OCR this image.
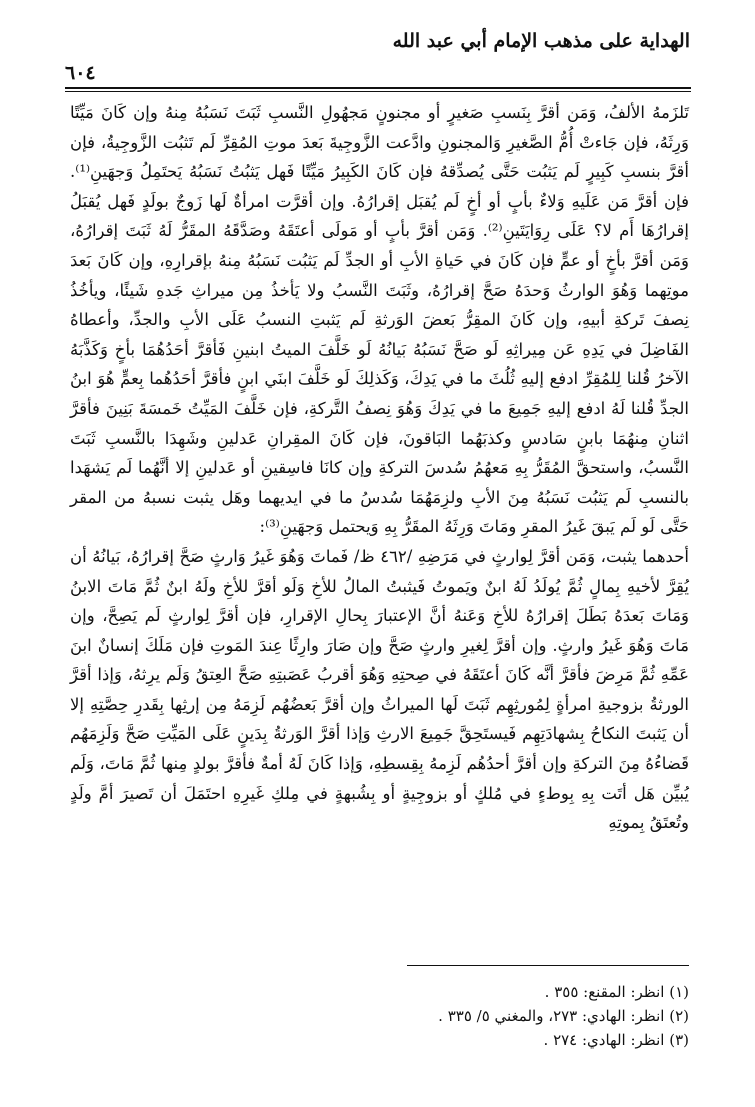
الهداية على مذهب الإمام أبي عبد الله
٦٠٤

تَلزَمهُ الألفُ، وَمَن أقرَّ بِنَسبِ صَغيرٍ أو مجنونٍ مَجهُولِ النَّسبِ ثَبَتَ نَسَبُهُ مِنهُ وإن كَانَ مَيِّتًا وَرِثَهُ، فإن جَاءتْ أُمُّ الصَّغيرِ وَالمجنونِ وادَّعت الزَّوجِيةَ بَعدَ موتِ المُقِرِّ لَم تَثبُت الزَّوجِيةُ، فإن أقرَّ بنسبِ كَبِيرٍ لَم يَثبُت حَتَّى يُصدِّقهُ فإن كَانَ الكَبِيرُ مَيِّتًا فَهل يَثبُتُ نَسَبُهُ يَحتَمِلُ وَجهَينِ⁽¹⁾. فإن أقرَّ مَن عَلَيهِ وَلاءٌ بأبٍ أو أخٍ لَم يُقبَل إقرارُهُ. وإن أقرَّت امرأةٌ لَها زَوجٌ بولَدٍ فَهل يُقبَلُ إقرارُهَا أَم لا؟ عَلَى رِوَايَتَينِ⁽²⁾. وَمَن أقرَّ بأبٍ أو مَولَى أعتَقَهُ وصَدَّقَهُ المقَرُّ لَهُ ثَبَتَ إقرارُهُ، وَمَن أقرَّ بأخٍ أو عمٍّ فإن كَانَ في حَياةِ الأبِ أو الجدِّ لَم يَثبُت نَسَبُهُ مِنهُ بإقرارِهِ، وإن كَانَ بَعدَ موتِهما وَهُوَ الوارثُ وَحدَهُ صَحَّ إقرارُهُ، وثَبَتَ النَّسبُ ولا يَأخذُ مِن ميراثِ جَدهِ شَيئًا، ويأخُذُ نِصفَ تَركةِ أبيهِ، وإن كَانَ المقِرُّ بَعضَ الوَرثةِ لَم يَثبتِ النسبُ عَلَى الأبِ والجدِّ، وأعطاهُ الفَاضِلَ في يَدِهِ عَن مِيراثِهِ لَو صَحَّ نَسَبُهُ بَيانُهُ لَو خَلَّفَ الميتُ ابنينِ فَأقرَّ أحَدُهُمَا بأخٍ وَكَذَّبَهُ الآخرُ قُلنا لِلمُقِرِّ ادفع إليهِ ثُلُثَ ما في يَدِكَ، وَكَذلِكَ لَو خَلَّفَ ابنَي ابنٍ فأقرَّ أحَدُهُما بِعمٍّ هُوَ ابنُ الجدِّ قُلنا لَهُ ادفع إليهِ جَمِيعَ ما في يَدِكَ وَهُوَ نِصفُ التَّركةِ، فإن خَلَّفَ المَيِّتُ خَمسَةَ بَنِينَ فأقرَّ اثنانِ مِنهُمَا بابنٍ سَادسٍ وكذبَهُما البَاقونَ، فإن كَانَ المقِرانِ عَدلينِ وشَهِدَا بالنَّسبِ ثَبَتَ النَّسبُ، واستحقَّ المُقَرُّ بِهِ مَعهُمُ سُدسَ التركةِ وإن كانَا فاسِقينِ أو عَدلينِ إلا أنَّهُما لَم يَشهَدا بالنسبِ لَم يَثبُت نَسَبُهُ مِنَ الأبِ ولزِمَهُمَا سُدسُ ما في ايديهما وهَل يثبت نسبهُ من المقر حَتَّى لَو لَم يَبقَ غَيرُ المقرِ ومَاتَ وَرِثَهُ المقَرُّ بِهِ وَيحتمل وَجهَينِ⁽³⁾:

أحدهما يثبت، وَمَن أقرَّ لِوارثٍ في مَرَضِهِ /٤٦٢ ظ/ فَماتَ وَهُوَ غَيرُ وَارثٍ صَحَّ إقرارُهُ، بَيانُهُ أن يُقِرَّ لأخيهِ بِمالٍ ثُمَّ يُولَدُ لَهُ ابنٌ ويَموتُ فَيثبتُ المالُ للأخِ وَلَو أقرَّ للأخِ ولَهُ ابنٌ ثُمَّ مَاتَ الابنُ وَمَاتَ بَعدَهُ بَطَلَ إقرارُهُ للأخِ وَعَنهُ أنَّ الإعتبارَ بِحالِ الإقرارِ، فإن أقرَّ لِوارثٍ لَم يَصِحَّ، وإن مَاتَ وَهُوَ غَيرُ وارثٍ. وإن أقرَّ لِغيرِ وارثٍ صَحَّ وإن صَارَ وارِثًا عِندَ المَوتِ فإن مَلَكَ إنسانٌ ابنَ عَمِّهِ ثُمَّ مَرِضَ فأقرَّ أنَّه كَانَ أعتَقَهُ في صِحتِهِ وَهُوَ أقربُ عَصَبتِهِ صَحَّ العِتقُ وَلَم يرِثهُ، وَإذا أقرَّ الورثةُ بزوجيةِ امرأةٍ لِمُورثِهِم ثَبَتَ لَها الميراثُ وإن أقرَّ بَعضُهُم لَزِمَهُ مِن إرثِها بِقَدرِ حِصَّتِهِ إلا أن يَثبتَ النكاحُ بِشهادَتِهِم فَيستَحِقَّ جَمِيعَ الارثِ وَإذا أقرَّ الوَرثةُ بِدَينٍ عَلَى المَيِّتِ صَحَّ وَلَزِمَهُم قَضاءُهُ مِنَ التركةِ وإن أقرَّ أحدُهُم لَزِمهُ بِقِسطِهِ، وَإذا كَانَ لَهُ أمةٌ فأقرَّ بولدٍ مِنها ثُمَّ مَاتَ، وَلَم يُبيِّن هَل أتَت بِهِ بِوطءٍ في مُلكٍ أو بزوجِيةٍ أو بِشُبهةٍ في مِلكِ غَيرِهِ احتَمَلَ أن تَصيرَ أمَّ ولَدٍ وتُعتَقُ بِموتِهِ

(١) انظر: المقنع: ٣٥٥ .
(٢) انظر: الهادي: ٢٧٣، والمغني ٥/ ٣٣٥ .
(٣) انظر: الهادي: ٢٧٤ .
